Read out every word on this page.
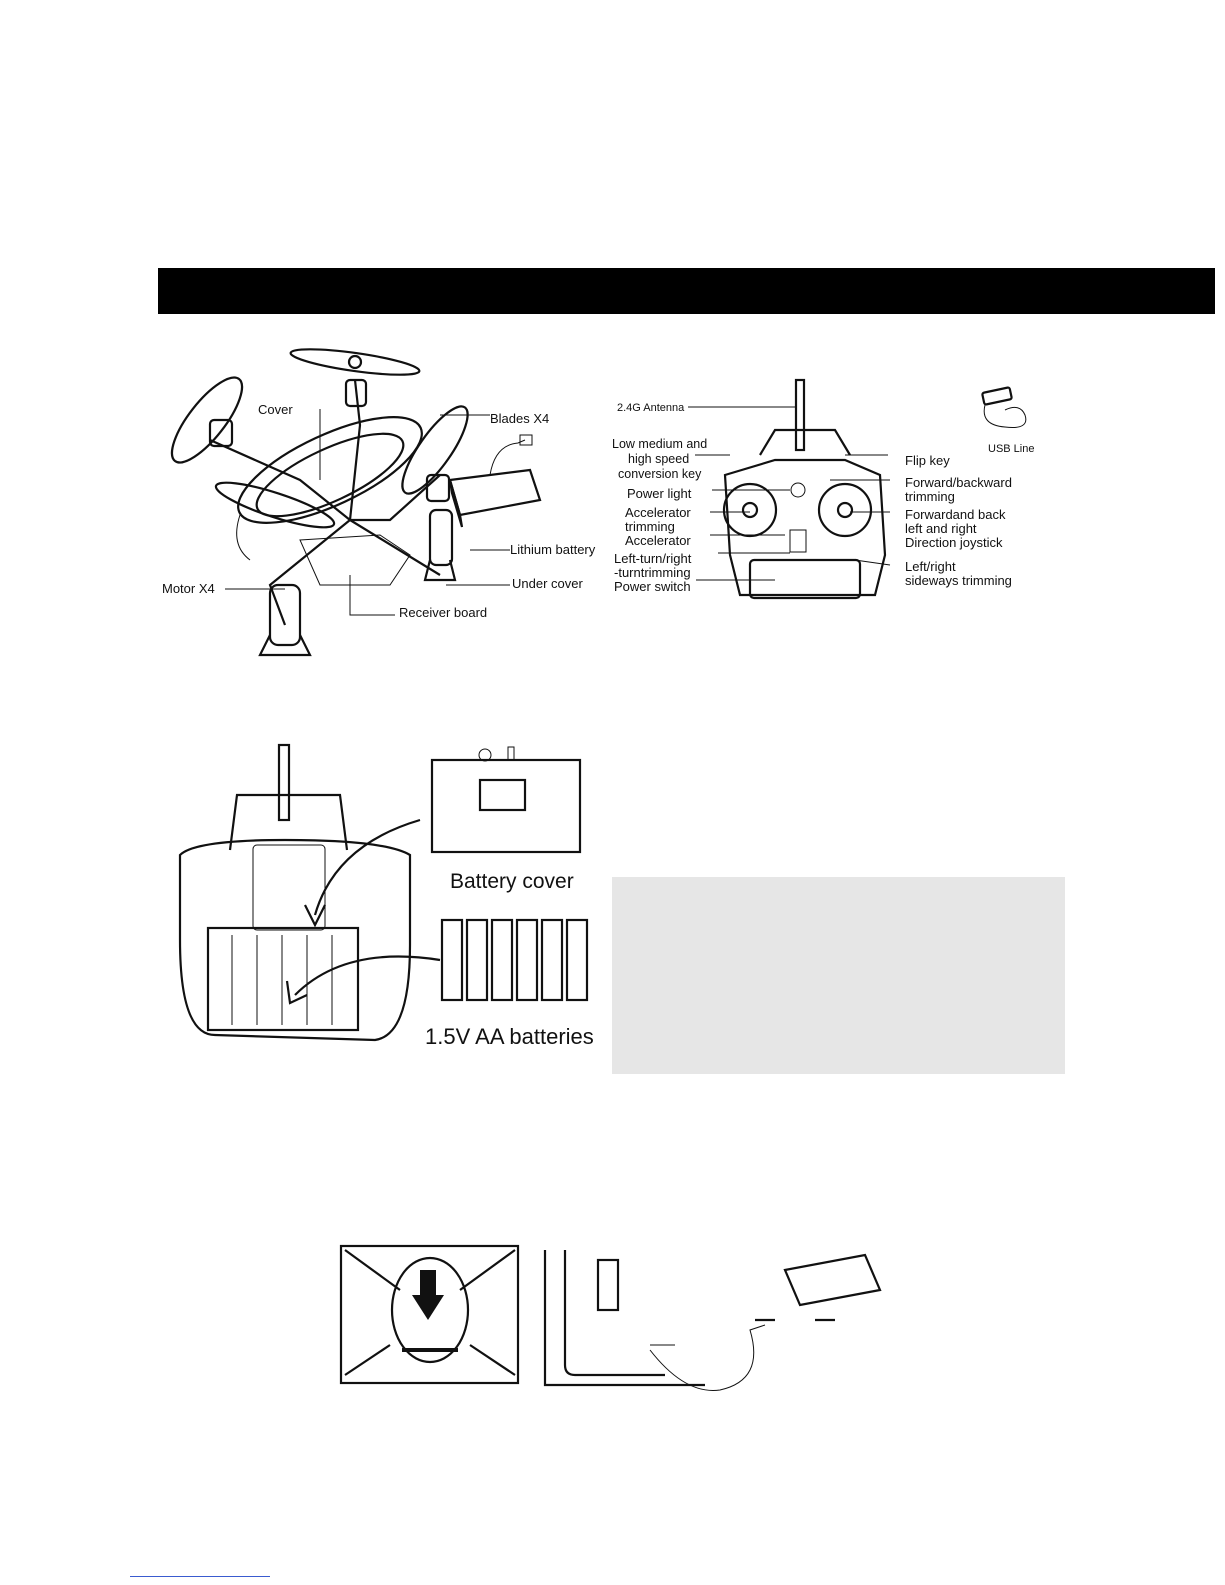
Cover
Blades X4
Lithium battery
Motor X4	Under cover
Receiver board
2.4G Antenna
Low medium and
high speed
conversion key
Power light
Accelerator
trimming
Accelerator
Left-turn/right
-turntrimming
Power switch
Flip key
Forward/backward
trimming
Forwardand back
left and right
Direction joystick
Left/right
sideways trimming
USB Line
Battery cover
1.5V AA batteries
